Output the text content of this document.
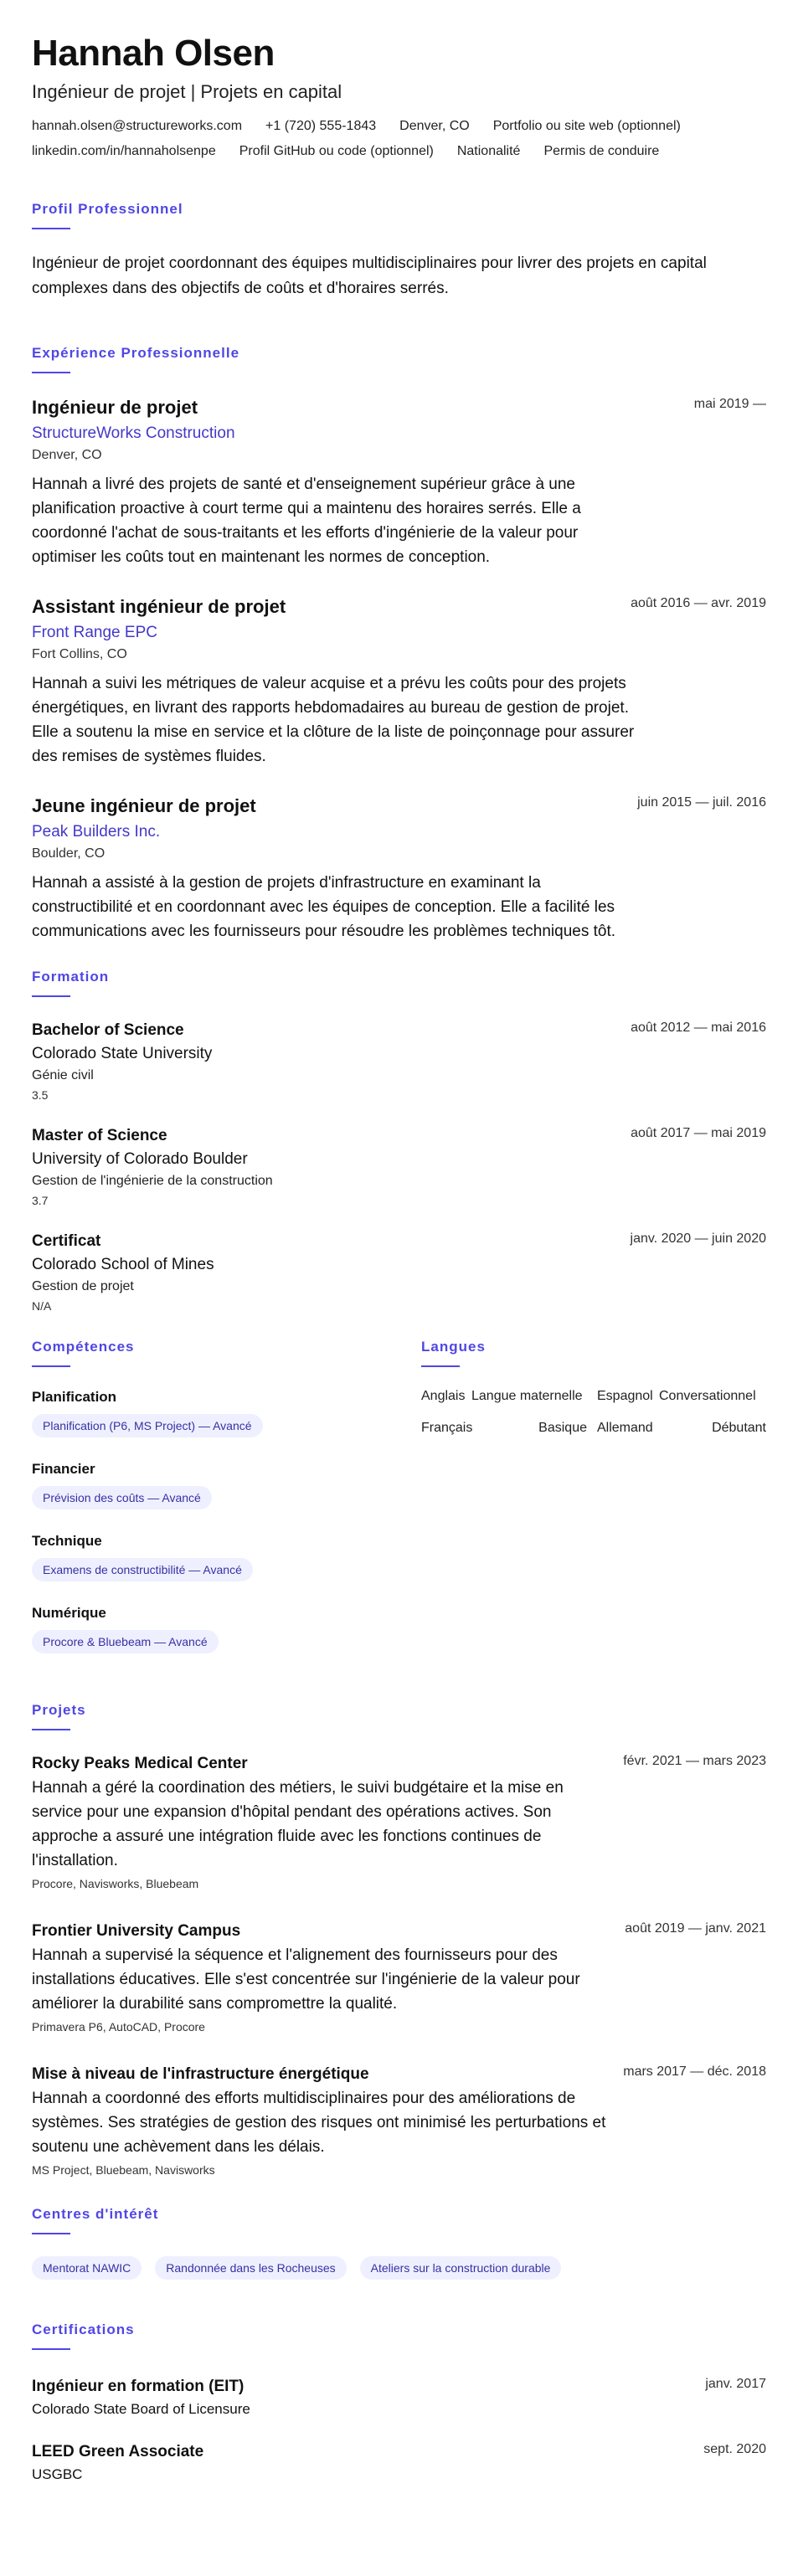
Hannah Olsen
Ingénieur de projet | Projets en capital
hannah.olsen@structureworks.com +1 (720) 555-1843 Denver, CO Portfolio ou site web (optionnel)
linkedin.com/in/hannaholsenpe Profil GitHub ou code (optionnel) Nationalité Permis de conduire
Profil Professionnel
Ingénieur de projet coordonnant des équipes multidisciplinaires pour livrer des projets en capital complexes dans des objectifs de coûts et d'horaires serrés.
Expérience Professionnelle
Ingénieur de projet	mai 2019 —
StructureWorks Construction
Denver, CO
Hannah a livré des projets de santé et d'enseignement supérieur grâce à une planification proactive à court terme qui a maintenu des horaires serrés. Elle a coordonné l'achat de sous-traitants et les efforts d'ingénierie de la valeur pour optimiser les coûts tout en maintenant les normes de conception.
Assistant ingénieur de projet	août 2016 — avr. 2019
Front Range EPC
Fort Collins, CO
Hannah a suivi les métriques de valeur acquise et a prévu les coûts pour des projets énergétiques, en livrant des rapports hebdomadaires au bureau de gestion de projet. Elle a soutenu la mise en service et la clôture de la liste de poinçonnage pour assurer des remises de systèmes fluides.
Jeune ingénieur de projet	juin 2015 — juil. 2016
Peak Builders Inc.
Boulder, CO
Hannah a assisté à la gestion de projets d'infrastructure en examinant la constructibilité et en coordonnant avec les équipes de conception. Elle a facilité les communications avec les fournisseurs pour résoudre les problèmes techniques tôt.
Formation
Bachelor of Science	août 2012 — mai 2016
Colorado State University
Génie civil
3.5
Master of Science	août 2017 — mai 2019
University of Colorado Boulder
Gestion de l'ingénierie de la construction
3.7
Certificat	janv. 2020 — juin 2020
Colorado School of Mines
Gestion de projet
N/A
Compétences
Planification
Planification (P6, MS Project) — Avancé
Financier
Prévision des coûts — Avancé
Technique
Examens de constructibilité — Avancé
Numérique
Procore & Bluebeam — Avancé
Langues
Anglais Langue maternelle	Espagnol Conversationnel
Français	Basique Allemand	Débutant
Projets
Rocky Peaks Medical Center	févr. 2021 — mars 2023
Hannah a géré la coordination des métiers, le suivi budgétaire et la mise en service pour une expansion d'hôpital pendant des opérations actives. Son approche a assuré une intégration fluide avec les fonctions continues de l'installation.
Procore, Navisworks, Bluebeam
Frontier University Campus	août 2019 — janv. 2021
Hannah a supervisé la séquence et l'alignement des fournisseurs pour des installations éducatives. Elle s'est concentrée sur l'ingénierie de la valeur pour améliorer la durabilité sans compromettre la qualité.
Primavera P6, AutoCAD, Procore
Mise à niveau de l'infrastructure énergétique	mars 2017 — déc. 2018
Hannah a coordonné des efforts multidisciplinaires pour des améliorations de systèmes. Ses stratégies de gestion des risques ont minimisé les perturbations et soutenu une achèvement dans les délais.
MS Project, Bluebeam, Navisworks
Centres d'intérêt
Mentorat NAWIC	Randonnée dans les Rocheuses	Ateliers sur la construction durable
Certifications
Ingénieur en formation (EIT)	janv. 2017
Colorado State Board of Licensure
LEED Green Associate	sept. 2020
USGBC
